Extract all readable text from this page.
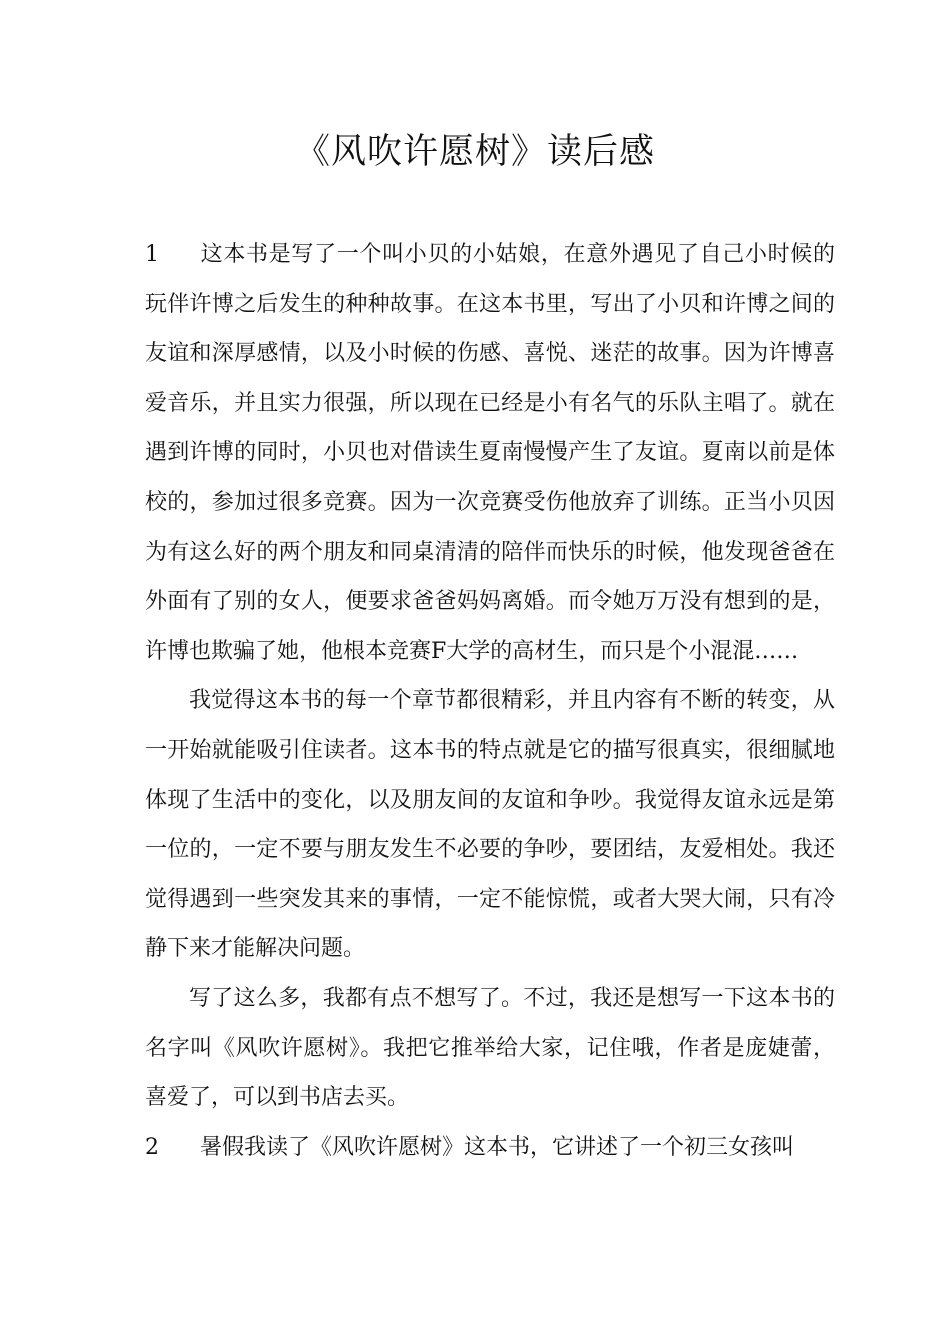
《风吹许愿树》读后感

1 这本书是写了一个叫小贝的小姑娘，在意外遇见了自己小时候的玩伴许博之后发生的种种故事。在这本书里，写出了小贝和许博之间的友谊和深厚感情，以及小时候的伤感、喜悦、迷茫的故事。因为许博喜爱音乐，并且实力很强，所以现在已经是小有名气的乐队主唱了。就在遇到许博的同时，小贝也对借读生夏南慢慢产生了友谊。夏南以前是体校的，参加过很多竞赛。因为一次竞赛受伤他放弃了训练。正当小贝因为有这么好的两个朋友和同桌清清的陪伴而快乐的时候，他发现爸爸在外面有了别的女人，便要求爸爸妈妈离婚。而令她万万没有想到的是，许博也欺骗了她，他根本竞赛F大学的高材生，而只是个小混混……

我觉得这本书的每一个章节都很精彩，并且内容有不断的转变，从一开始就能吸引住读者。这本书的特点就是它的描写很真实，很细腻地体现了生活中的变化，以及朋友间的友谊和争吵。我觉得友谊永远是第一位的，一定不要与朋友发生不必要的争吵，要团结，友爱相处。我还觉得遇到一些突发其来的事情，一定不能惊慌，或者大哭大闹，只有冷静下来才能解决问题。

写了这么多，我都有点不想写了。不过，我还是想写一下这本书的名字叫《风吹许愿树》。我把它推举给大家，记住哦，作者是庞婕蕾，喜爱了，可以到书店去买。

2 暑假我读了《风吹许愿树》这本书，它讲述了一个初三女孩叫
